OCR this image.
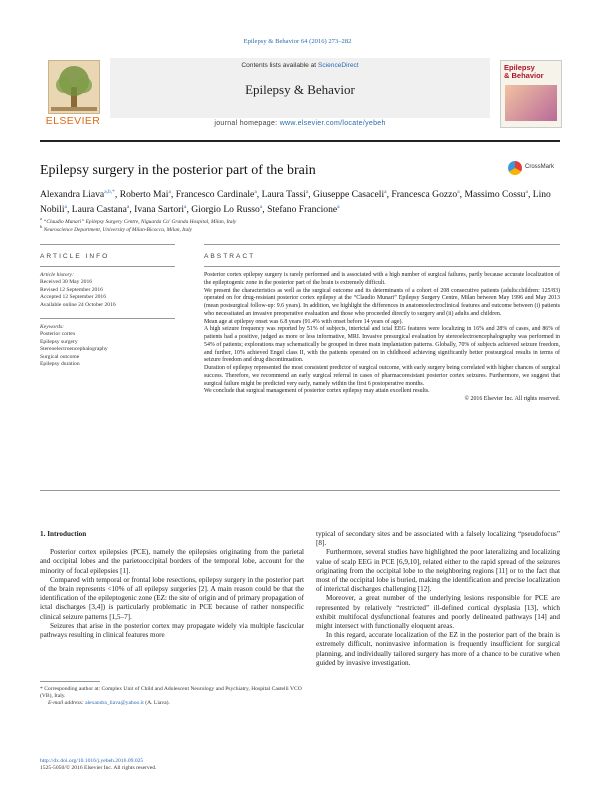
Epilepsy & Behavior 64 (2016) 273–282
ELSEVIER
Contents lists available at ScienceDirect
Epilepsy & Behavior
journal homepage: www.elsevier.com/locate/yebeh
Epilepsy
& Behavior
Epilepsy surgery in the posterior part of the brain	CrossMark
Alexandra Liava$^{a,b,*}$, Roberto Mai$^a$, Francesco Cardinale$^a$, Laura Tassi$^a$, Giuseppe Casaceli$^a$, Francesca Gozzo$^a$, Massimo Cossu$^a$, Lino Nobili$^a$, Laura Castana$^a$, Ivana Sartori$^a$, Giorgio Lo Russo$^a$, Stefano Francione$^a$
$^a$ “Claudio Munari” Epilepsy Surgery Centre, Niguarda Ca' Granda Hospital, Milan, Italy
$^b$ Neuroscience Department, University of Milan-Bicocca, Milan, Italy
ARTICLE INFO	ABSTRACT
Article history:
Received 30 May 2016
Revised 12 September 2016
Accepted 12 September 2016
Available online 24 October 2016
Keywords:
Posterior cortex
Epilepsy surgery
Stereoelectroencephalography
Surgical outcome
Epilepsy duration

Posterior cortex epilepsy surgery is rarely performed and is associated with a high number of surgical failures, partly because accurate localization of the epileptogenic zone in the posterior part of the brain is extremely difficult.

We present the characteristics as well as the surgical outcome and its determinants of a cohort of 208 consecutive patients (adults:children: 125/83) operated on for drug-resistant posterior cortex epilepsy at the “Claudio Munari” Epilepsy Surgery Centre, Milan between May 1996 and May 2013 (mean postsurgical follow-up: 9.6 years). In addition, we highlight the differences in anatomoelectroclinical features and outcome between (i) patients who necessitated an invasive preoperative evaluation and those who proceeded directly to surgery and (ii) adults and children.

Mean age at epilepsy onset was 6.8 years (91.4% with onset before 14 years of age).

A high seizure frequency was reported by 51% of subjects, interictal and ictal EEG features were localizing in 16% and 28% of cases, and 86% of patients had a positive, judged as more or less informative, MRI. Invasive presurgical evaluation by stereoelectroencephalography was performed in 54% of patients; explorations may schematically be grouped in three main implantation patterns. Globally, 70% of subjects achieved seizure freedom, and further, 10% achieved Engel class II, with the patients operated on in childhood achieving significantly better postsurgical results in terms of seizure freedom and drug discontinuation.

Duration of epilepsy represented the most consistent predictor of surgical outcome, with early surgery being correlated with higher chances of surgical success. Therefore, we recommend an early surgical referral in cases of pharmacoresistant posterior cortex seizures. Furthermore, we suggest that surgical failure might be predicted very early, namely within the first 6 postoperative months.

We conclude that surgical management of posterior cortex epilepsy may attain excellent results.

© 2016 Elsevier Inc. All rights reserved.

1. Introduction

Posterior cortex epilepsies (PCE), namely the epilepsies originating from the parietal and occipital lobes and the parietooccipital borders of the temporal lobe, account for the minority of focal epilepsies [1].

Compared with temporal or frontal lobe resections, epilepsy surgery in the posterior part of the brain represents <10% of all epilepsy surgeries [2]. A main reason could be that the identification of the epileptogenic zone (EZ: the site of origin and of primary propagation of ictal discharges [3,4]) is particularly problematic in PCE because of rather nonspecific clinical seizure patterns [1,5–7].

Seizures that arise in the posterior cortex may propagate widely via multiple fascicular pathways resulting in clinical features more

typical of secondary sites and be associated with a falsely localizing “pseudofocus” [8].

Furthermore, several studies have highlighted the poor lateralizing and localizing value of scalp EEG in PCE [6,9,10], related either to the rapid spread of the seizures originating from the occipital lobe to the neighboring regions [11] or to the fact that most of the occipital lobe is buried, making the identification and precise localization of interictal discharges challenging [12].

Moreover, a great number of the underlying lesions responsible for PCE are represented by relatively “restricted” ill-defined cortical dysplasia [13], which exhibit multifocal dysfunctional features and poorly delineated pathways [14] and might intersect with functionally eloquent areas.

In this regard, accurate localization of the EZ in the posterior part of the brain is extremely difficult, noninvasive information is frequently insufficient for surgical planning, and individually tailored surgery has more of a chance to be curative when guided by invasive investigation.

* Corresponding author at: Complex Unit of Child and Adolescent Neurology and Psychiatry, Hospital Castelli VCO (VB), Italy.
E-mail address: alexandra_liava@yahoo.it (A. Liava).
http://dx.doi.org/10.1016/j.yebeh.2016.09.025
1525-5050/© 2016 Elsevier Inc. All rights reserved.
